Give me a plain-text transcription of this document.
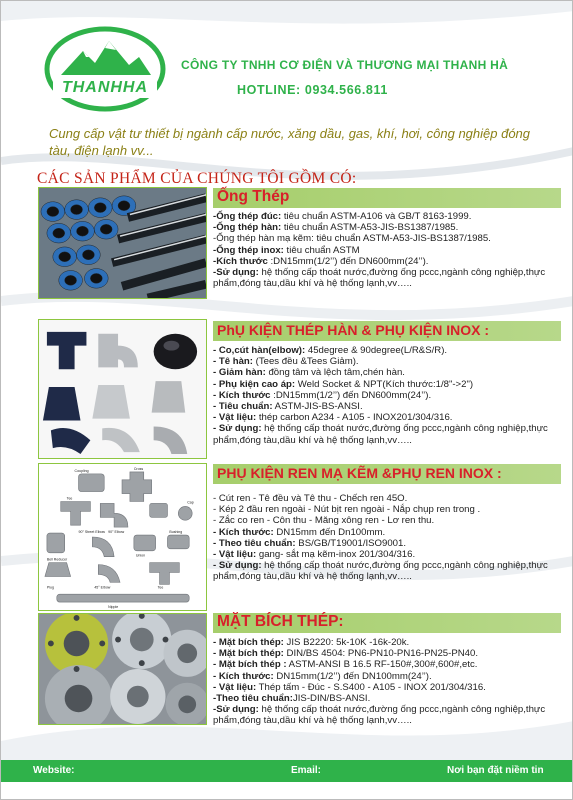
THANHHA
CÔNG TY TNHH CƠ ĐIỆN VÀ THƯƠNG MẠI THANH HÀ
HOTLINE: 0934.566.811
Cung cấp vật tư thiết bị ngành cấp nước, xăng dầu, gas, khí, hơi, công nghiệp đóng tàu, điện lạnh vv...
CÁC SẢN PHẨM CỦA CHÚNG TÔI GỒM CÓ:
Coupling	Cross
Tee
90° Elbow
Cap
Bushing
90° Street Elbow
Union
Bell Reducer
45° Elbow
Plug	Tee
Nipple
Ống Thép

-Ống thép đúc: tiêu chuẩn ASTM-A106 và GB/T 8163-1999.

-Ống thép hàn: tiêu chuẩn ASTM-A53-JIS-BS1387/1985.

-Ống thép hàn mạ kẽm: tiêu chuẩn ASTM-A53-JIS-BS1387/1985.

-Ống thép inox: tiêu chuẩn ASTM

-Kích thước :DN15mm(1/2’’) đến DN600mm(24’’).

-Sử dụng: hệ thống cấp thoát nước,đường ống pccc,ngành công nghiệp,thực phẩm,đóng tàu,dầu khí và hệ thống lạnh,vv…..

PhỤ KIỆN THÉP HÀN & PHỤ KIỆN INOX :

- Co,cút hàn(elbow): 45degree & 90degree(L/R&S/R).

- Tê hàn: (Tees đều &Tees Giảm).

- Giảm hàn: đồng tâm và lệch tâm,chén hàn.

- Phụ kiện cao áp: Weld Socket & NPT(Kích thước:1/8"->2")

- Kích thước :DN15mm(1/2’’) đến DN600mm(24’’).

- Tiêu chuẩn: ASTM-JIS-BS-ANSI.

- Vật liệu: thép carbon A234 - A105 - INOX201/304/316.

- Sử dụng: hệ thống cấp thoát nước,đường ống pccc,ngành công nghiệp,thực phẩm,đóng tàu,dầu khí và hệ thống lạnh,vv…..

PHỤ KIỆN REN MẠ KẼM &PHỤ REN INOX :

- Cút ren - Tê đều và Tê thu - Chếch ren 45O.

- Kép 2 đầu ren ngoài - Nút bịt ren ngoài - Nắp chụp ren trong .

- Zắc co ren - Côn thu - Măng xông ren - Lơ ren thu.

- Kích thước: DN15mm đến Dn100mm.

- Theo tiêu chuẩn: BS/GB/T19001/ISO9001.

- Vật liệu: gang- sắt mạ kẽm-inox 201/304/316.

- Sử dụng: hệ thống cấp thoát nước,đường ống pccc,ngành công nghiệp,thực phẩm,đóng tàu,dầu khí và hệ thống lạnh,vv…..

MẶT BÍCH THÉP:

- Mặt bích thép: JIS B2220: 5k-10K -16k-20k.

- Mặt bích thép: DIN/BS 4504: PN6-PN10-PN16-PN25-PN40.

- Mặt bích thép : ASTM-ANSI B 16.5 RF-150#,300#,600#,etc.

- Kích thước: DN15mm(1/2’’) đến DN100mm(24’’).

- Vật liệu: Thép tấm - Đúc - S.S400 - A105 - INOX 201/304/316.

-Theo tiêu chuẩn:JIS-DIN/BS-ANSI.

-Sử dụng: hệ thống cấp thoát nước,đường ống pccc,ngành công nghiệp,thực phẩm,đóng tàu,dầu khí và hệ thống lạnh,vv…..

Website:	Email:	Nơi bạn đặt niềm tin
